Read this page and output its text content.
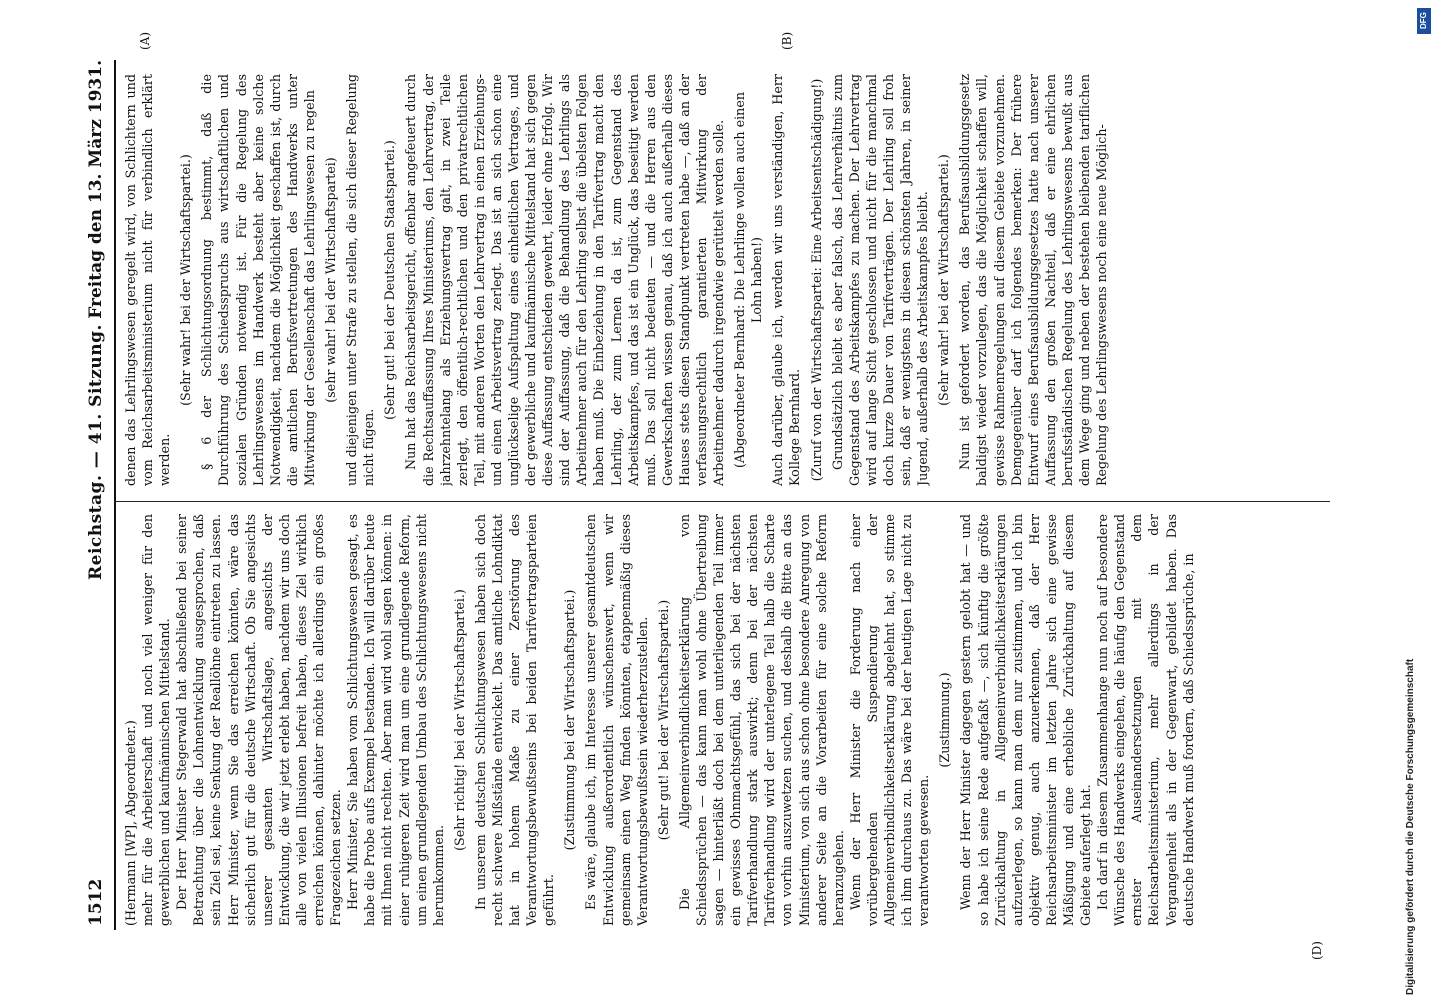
1512
Reichstag. — 41. Sitzung.
Freitag den 13. März 1931.

(Hermann [WP], Abgeordneter.) mehr für die Arbeiterschaft und noch viel weniger für den gewerblichen und kaufmännischen Mittelstand. Der Herr Minister Stegerwald hat abschließend bei seiner Betrachtung über die Lohnentwicklung ausgesprochen, daß sein Ziel sei, keine Senkung der Reallöhne eintreten zu lassen. Herr Minister, wenn Sie das erreichen könnten, wäre das sicherlich gut für die deutsche Wirtschaft. Ob Sie angesichts unserer gesamten Wirtschaftslage, angesichts der Entwicklung, die wir jetzt erlebt haben, nachdem wir uns doch alle von vielen Illusionen befreit haben, dieses Ziel wirklich erreichen können, dahinter möchte ich allerdings ein großes Fragezeichen setzen. Herr Minister, Sie haben vom Schlichtungswesen gesagt, es habe die Probe aufs Exempel bestanden. Ich will darüber heute mit Ihnen nicht rechten. Aber man wird wohl sagen können: in einer ruhigeren Zeit wird man um eine grundlegende Reform, um einen grundlegenden Umbau des Schlichtungswesens nicht herumkommen.

(Sehr richtig! bei der Wirtschaftspartei.) In unserem deutschen Schlichtungswesen haben sich doch recht schwere Mißstände entwickelt. Das amtliche Lohndiktat hat in hohem Maße zu einer Zerstörung des Verantwortungsbewußtseins bei beiden Tarifvertragsparteien geführt.

(Zustimmung bei der Wirtschaftspartei.) Es wäre, glaube ich, im Interesse unserer gesamtdeutschen Entwicklung außerordentlich wünschenswert, wenn wir gemeinsam einen Weg finden könnten, etappenmäßig dieses Verantwortungsbewußtsein wiederherzustellen. (Sehr gut! bei der Wirtschaftspartei.) Die Allgemeinverbindlichkeitserklärung von Schiedssprüchen — das kann man wohl ohne Übertreibung sagen — hinterläßt doch bei dem unterliegenden Teil immer ein gewisses Ohnmachtsgefühl, das sich bei der nächsten Tarifverhandlung stark auswirkt; denn bei der nächsten Tarifverhandlung wird der unterlegene Teil halb die Scharte von vorhin auszuwetzen suchen, und deshalb die Bitte an das Ministerium, von sich aus schon ohne besondere Anregung von anderer Seite an die Vorarbeiten für eine solche Reform heranzugehen. Wenn der Herr Minister die Forderung nach einer vorübergehenden Suspendierung der Allgemeinverbindlichkeitserklärung abgelehnt hat, so stimme ich ihm durchaus zu. Das wäre bei der heutigen Lage nicht zu verantworten gewesen.

(Zustimmung.) Wenn der Herr Minister dagegen gestern gelobt hat — und so habe ich seine Rede aufgefaßt —, sich künftig die größte Zurückhaltung in Allgemeinverbindlichkeitserklärungen aufzuerlegen, so kann man dem nur zustimmen, und ich bin objektiv genug, auch anzuerkennen, daß der Herr Reichsarbeitsminister im letzten Jahre sich eine gewisse Mäßigung und eine erhebliche Zurückhaltung auf diesem Gebiete auferlegt hat. Ich darf in diesem Zusammenhange nun noch auf besondere Wünsche des Handwerks eingehen, die häufig den Gegenstand ernster Auseinandersetzungen mit dem Reichsarbeitsministerium, mehr allerdings in der Vergangenheit als in der Gegenwart, gebildet haben. Das deutsche Handwerk muß fordern, daß Schiedssprüche, in

denen das Lehrlingswesen geregelt wird, von Schlichtern und vom Reichsarbeitsministerium nicht für verbindlich erklärt werden.

(Sehr wahr! bei der Wirtschaftspartei.) § 6 der Schlichtungsordnung bestimmt, daß die Durchführung des Schiedsspruchs aus wirtschaftlichen und sozialen Gründen notwendig ist. Für die Regelung des Lehrlingswesens im Handwerk besteht aber keine solche Notwendigkeit, nachdem die Möglichkeit geschaffen ist, durch die amtlichen Berufsvertretungen des Handwerks unter Mitwirkung der Gesellenschaft das Lehrlingswesen zu regeln (sehr wahr! bei der Wirtschaftspartei) und diejenigen unter Strafe zu stellen, die sich dieser Regelung nicht fügen.

(Sehr gut! bei der Deutschen Staatspartei.) Nun hat das Reichsarbeitsgericht, offenbar angefeuert durch die Rechtsauffassung Ihres Ministeriums, den Lehrvertrag, der jahrzehntelang als Erziehungsvertrag galt, in zwei Teile zerlegt, den öffentlich-rechtlichen und den privatrechtlichen Teil, mit anderen Worten den Lehrvertrag in einen Erziehungs- und einen Arbeitsvertrag zerlegt. Das ist an sich schon eine unglückselige Aufspaltung eines einheitlichen Vertrages, und der gewerbliche und kaufmännische Mittelstand hat sich gegen diese Auffassung entschieden gewehrt, leider ohne Erfolg. Wir sind der Auffassung, daß die Behandlung des Lehrlings als Arbeitnehmer auch für den Lehrling selbst die übelsten Folgen haben muß. Die Einbeziehung in den Tarifvertrag macht den Lehrling, der zum Lernen da ist, zum Gegenstand des Arbeitskampfes, und das ist ein Unglück, das beseitigt werden muß. Das soll nicht bedeuten — und die Herren aus den Gewerkschaften wissen genau, daß ich auch außerhalb dieses Hauses stets diesen Standpunkt vertreten habe —, daß an der verfassungsrechtlich garantierten Mitwirkung der Arbeitnehmer dadurch irgendwie gerüttelt werden solle. (Abgeordneter Bernhard: Die Lehrlinge wollen auch einen Lohn haben!) Auch darüber, glaube ich, werden wir uns verständigen, Herr Kollege Bernhard. (Zuruf von der Wirtschaftspartei: Eine Arbeitsentschädigung!) Grundsätzlich bleibt es aber falsch, das Lehrverhältnis zum Gegenstand des Arbeitskampfes zu machen. Der Lehrvertrag wird auf lange Sicht geschlossen und nicht für die manchmal doch kurze Dauer von Tarifverträgen. Der Lehrling soll froh sein, daß er wenigstens in diesen schönsten Jahren, in seiner Jugend, außerhalb des Arbeitskampfes bleibt. (Sehr wahr! bei der Wirtschaftspartei.) Nun ist gefordert worden, das Berufsausbildungsgesetz baldigst wieder vorzulegen, das die Möglichkeit schaffen will, gewisse Rahmenregelungen auf diesem Gebiete vorzunehmen. Demgegenüber darf ich folgendes bemerken: Der frühere Entwurf eines Berufsausbildungsgesetzes hatte nach unserer Auffassung den großen Nachteil, daß er eine ehrlichen berufsständischen Regelung des Lehrlingswesens bewußt aus dem Wege ging und neben der bestehen bleibenden tariflichen Regelung des Lehrlingswesens noch eine neue Möglich-

(A)	(B)
(D)
DFG
Digitalisierung gefördert durch die Deutsche Forschungsgemeinschaft
